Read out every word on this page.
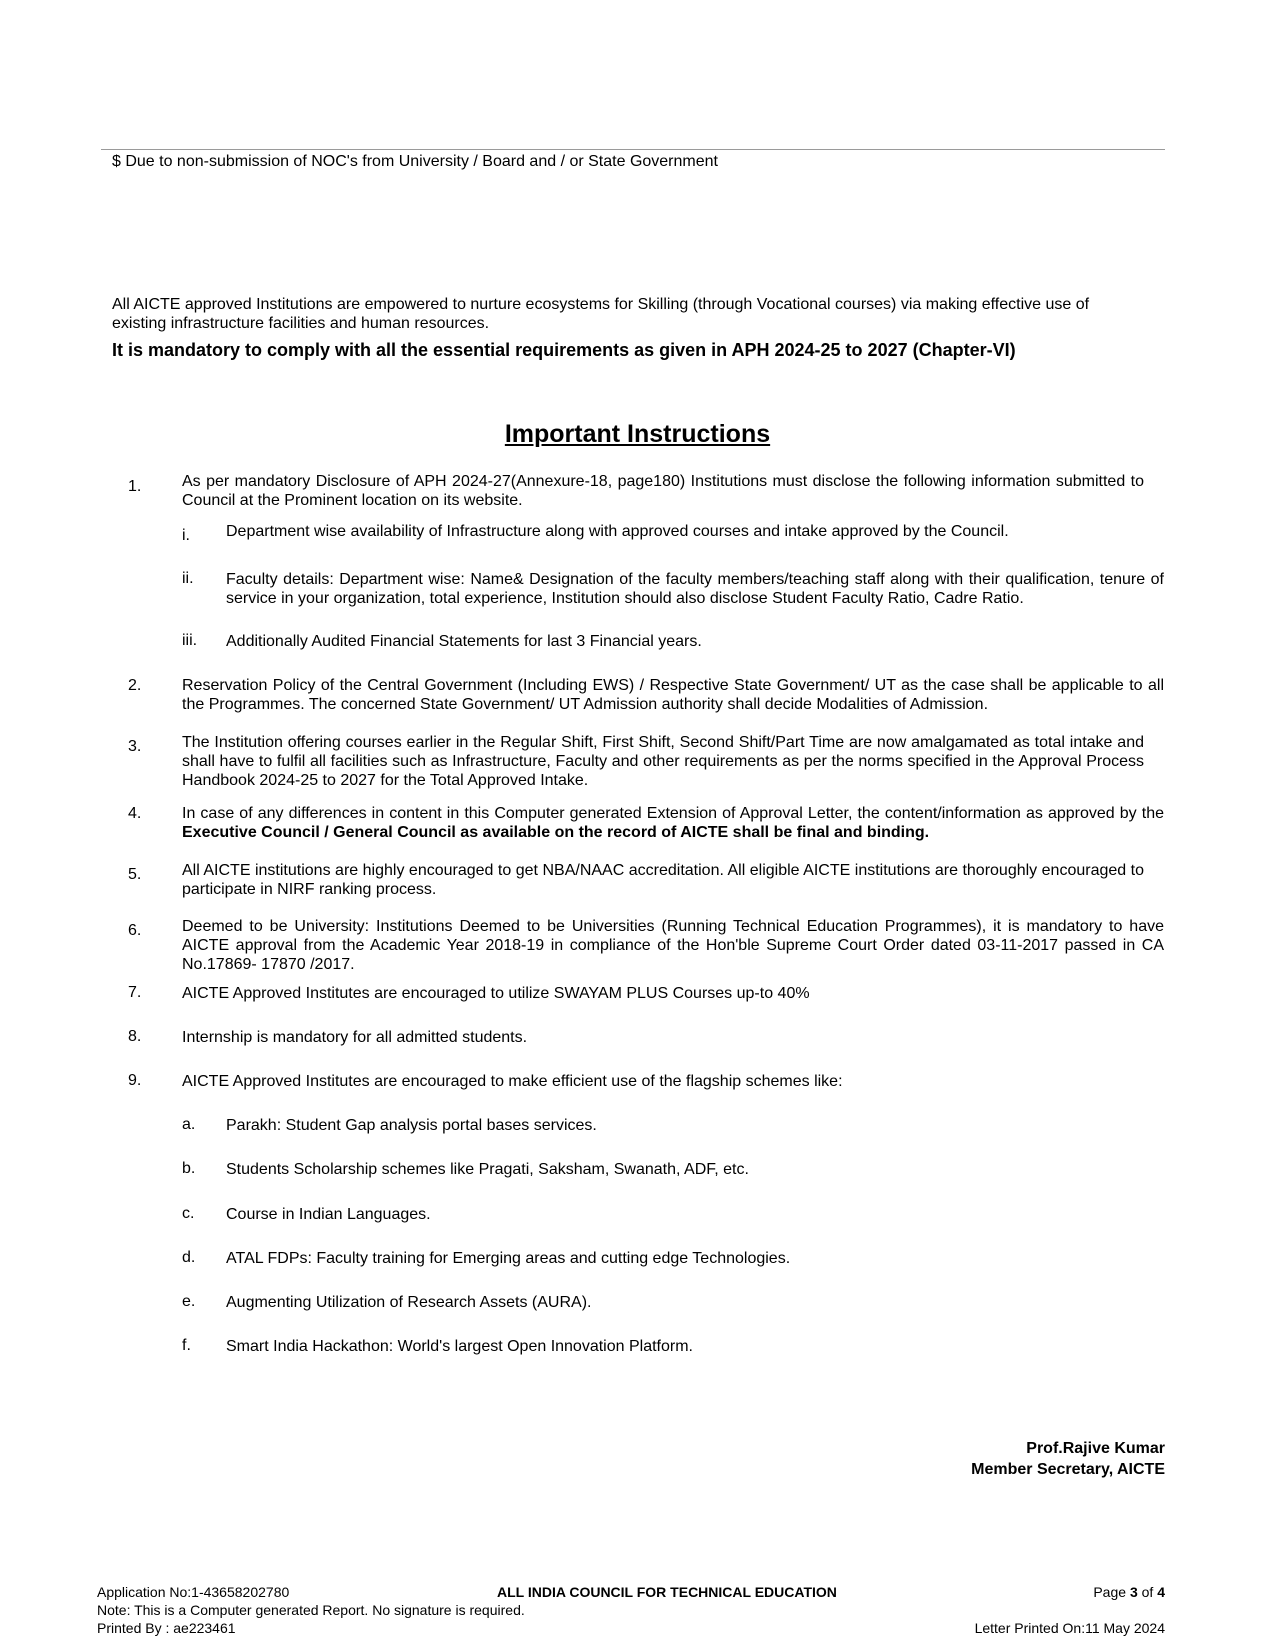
$ Due to non-submission of NOC's from University / Board and / or State Government
All AICTE approved Institutions are empowered to nurture ecosystems for Skilling (through Vocational courses) via making effective use of existing infrastructure facilities and human resources.
It is mandatory to comply with all the essential requirements as given in APH 2024-25 to 2027 (Chapter-VI)
Important Instructions
1.	As per mandatory Disclosure of APH 2024-27(Annexure-18, page180) Institutions must disclose the following information submitted to Council at the Prominent location on its website.
i. Department wise availability of Infrastructure along with approved courses and intake approved by the Council.
ii. Faculty details: Department wise: Name& Designation of the faculty members/teaching staff along with their qualification, tenure of service in your organization, total experience, Institution should also disclose Student Faculty Ratio, Cadre Ratio.
iii. Additionally Audited Financial Statements for last 3 Financial years.
2.	Reservation Policy of the Central Government (Including EWS) / Respective State Government/ UT as the case shall be applicable to all the Programmes. The concerned State Government/ UT Admission authority shall decide Modalities of Admission.
3.	The Institution offering courses earlier in the Regular Shift, First Shift, Second Shift/Part Time are now amalgamated as total intake and shall have to fulfil all facilities such as Infrastructure, Faculty and other requirements as per the norms specified in the Approval Process Handbook 2024-25 to 2027 for the Total Approved Intake.
4.	In case of any differences in content in this Computer generated Extension of Approval Letter, the content/information as approved by the Executive Council / General Council as available on the record of AICTE shall be final and binding.
5.	All AICTE institutions are highly encouraged to get NBA/NAAC accreditation. All eligible AICTE institutions are thoroughly encouraged to participate in NIRF ranking process.
6.	Deemed to be University: Institutions Deemed to be Universities (Running Technical Education Programmes), it is mandatory to have AICTE approval from the Academic Year 2018-19 in compliance of the Hon'ble Supreme Court Order dated 03-11-2017 passed in CA No.17869- 17870 /2017.
7.	AICTE Approved Institutes are encouraged to utilize SWAYAM PLUS Courses up-to 40%
8.	Internship is mandatory for all admitted students.
9.	AICTE Approved Institutes are encouraged to make efficient use of the flagship schemes like:
a. Parakh: Student Gap analysis portal bases services.
b. Students Scholarship schemes like Pragati, Saksham, Swanath, ADF, etc.
c. Course in Indian Languages.
d. ATAL FDPs: Faculty training for Emerging areas and cutting edge Technologies.
e. Augmenting Utilization of Research Assets (AURA).
f. Smart India Hackathon: World's largest Open Innovation Platform.
Prof.Rajive Kumar
Member Secretary, AICTE
Application No:1-43658202780	ALL INDIA COUNCIL FOR TECHNICAL EDUCATION	Page 3 of 4
Note: This is a Computer generated Report. No signature is required.
Printed By : ae223461	Letter Printed On:11 May 2024
